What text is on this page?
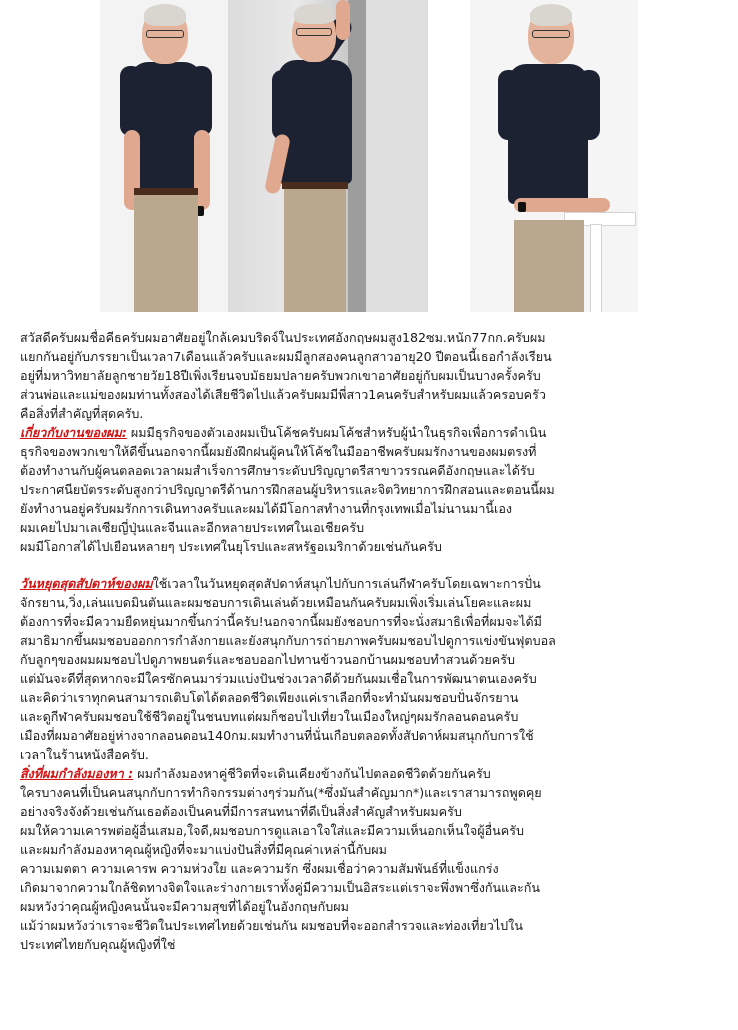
สวัสดีครับผมชื่อคีธครับผมอาศัยอยู่ใกล้เคมบริดจ์ในประเทศอังกฤษผมสูง182ซม.หนัก77กก.ครับผม

แยกกันอยู่กับภรรยาเป็นเวลา7เดือนแล้วครับและผมมีลูกสองคนลูกสาวอายุ20 ปีตอนนี้เธอกำลังเรียน

อยู่ที่มหาวิทยาลัยลูกชายวัย18ปีเพิ่งเรียนจบมัธยมปลายครับพวกเขาอาศัยอยู่กับผมเป็นบางครั้งครับ

ส่วนพ่อและแม่ของผมท่านทั้งสองได้เสียชีวิตไปแล้วครับผมมีพี่สาว1คนครับสำหรับผมแล้วครอบครัว

คือสิ่งที่สำคัญที่สุดครับ.

เกี่ยวกับงานของผม: ผมมีธุรกิจของตัวเองผมเป็นโค้ชครับผมโค้ชสำหรับผู้นำในธุรกิจเพื่อการดำเนิน

ธุรกิจของพวกเขาให้ดีขึ้นนอกจากนี้ผมยังฝึกฝนผู้คนให้โค้ชในมืออาชีพครับผมรักงานของผมตรงที่

ต้องทำงานกับผู้คนตลอดเวลาผมสำเร็จการศึกษาระดับปริญญาตรีสาขาวรรณคดีอังกฤษและได้รับ

ประกาศนียบัตรระดับสูงกว่าปริญญาตรีด้านการฝึกสอนผู้บริหารและจิตวิทยาการฝึกสอนและตอนนี้ผม

ยังทำงานอยู่ครับผมรักการเดินทางครับและผมได้มีโอกาสทำงานที่กรุงเทพเมื่อไม่นานมานี้เอง

ผมเคยไปมาเลเซียญี่ปุ่นและจีนและอีกหลายประเทศในเอเชียครับ

ผมมีโอกาสได้ไปเยือนหลายๆ ประเทศในยุโรปและสหรัฐอเมริกาด้วยเช่นกันครับ

วันหยุดสุดสัปดาห์ของผมใช้เวลาในวันหยุดสุดสัปดาห์สนุกไปกับการเล่นกีฬาครับโดยเฉพาะการปั่น

จักรยาน,วิ่ง,เล่นแบดมินตันและผมชอบการเดินเล่นด้วยเหมือนกันครับผมเพิ่งเริ่มเล่นโยคะและผม

ต้องการที่จะมีความยืดหยุ่นมากขึ้นกว่านี้ครับ!นอกจากนี้ผมยังชอบการที่จะนั่งสมาธิเพื่อที่ผมจะได้มี

สมาธิมากขึ้นผมชอบออกการกำลังกายและยังสนุกกับการถ่ายภาพครับผมชอบไปดูการแข่งขันฟุตบอล

กับลูกๆของผมผมชอบไปดูภาพยนตร์และชอบออกไปทานข้าวนอกบ้านผมชอบทำสวนด้วยครับ

แต่มันจะดีที่สุดหากจะมีใครซักคนมาร่วมแบ่งปันช่วงเวลาดีด้วยกันผมเชื่อในการพัฒนาตนเองครับ

และคิดว่าเราทุกคนสามารถเติบโตได้ตลอดชีวิตเพียงแค่เราเลือกที่จะทำมันผมชอบปั่นจักรยาน

และดูกีฬาครับผมชอบใช้ชีวิตอยู่ในชนบทแต่ผมก็ชอบไปเที่ยวในเมืองใหญ่ๆผมรักลอนดอนครับ

เมืองที่ผมอาศัยอยู่ห่างจากลอนดอน140กม.ผมทำงานที่นั่นเกือบตลอดทั้งสัปดาห์ผมสนุกกับการใช้

เวลาในร้านหนังสือครับ.

สิ่งที่ผมกำลังมองหา : ผมกำลังมองหาคู่ชีวิตที่จะเดินเคียงข้างกันไปตลอดชีวิตด้วยกันครับ

ใครบางคนที่เป็นคนสนุกกับการทำกิจกรรมต่างๆร่วมกัน(*ซึ่งมันสำคัญมาก*)และเราสามารถพูดคุย

อย่างจริงจังด้วยเช่นกันเธอต้องเป็นคนที่มีการสนทนาที่ดีเป็นสิ่งสำคัญสำหรับผมครับ

ผมให้ความเคารพต่อผู้อื่นเสมอ,ใจดี,ผมชอบการดูแลเอาใจใส่และมีความเห็นอกเห็นใจผู้อื่นครับ

และผมกำลังมองหาคุณผู้หญิงที่จะมาแบ่งปันสิ่งที่มีคุณค่าเหล่านี้กับผม

ความเมตตา ความเคารพ ความห่วงใย และความรัก ซึ่งผมเชื่อว่าความสัมพันธ์ที่แข็งแกร่ง

เกิดมาจากความใกล้ชิดทางจิตใจและร่างกายเราทั้งคู่มีความเป็นอิสระแต่เราจะพึ่งพาซึ่งกันและกัน

ผมหวังว่าคุณผู้หญิงคนนั้นจะมีความสุขที่ได้อยู่ในอังกฤษกับผม

แม้ว่าผมหวังว่าเราจะชีวิตในประเทศไทยด้วยเช่นกัน ผมชอบที่จะออกสำรวจและท่องเที่ยวไปใน

ประเทศไทยกับคุณผู้หญิงที่ใช่
